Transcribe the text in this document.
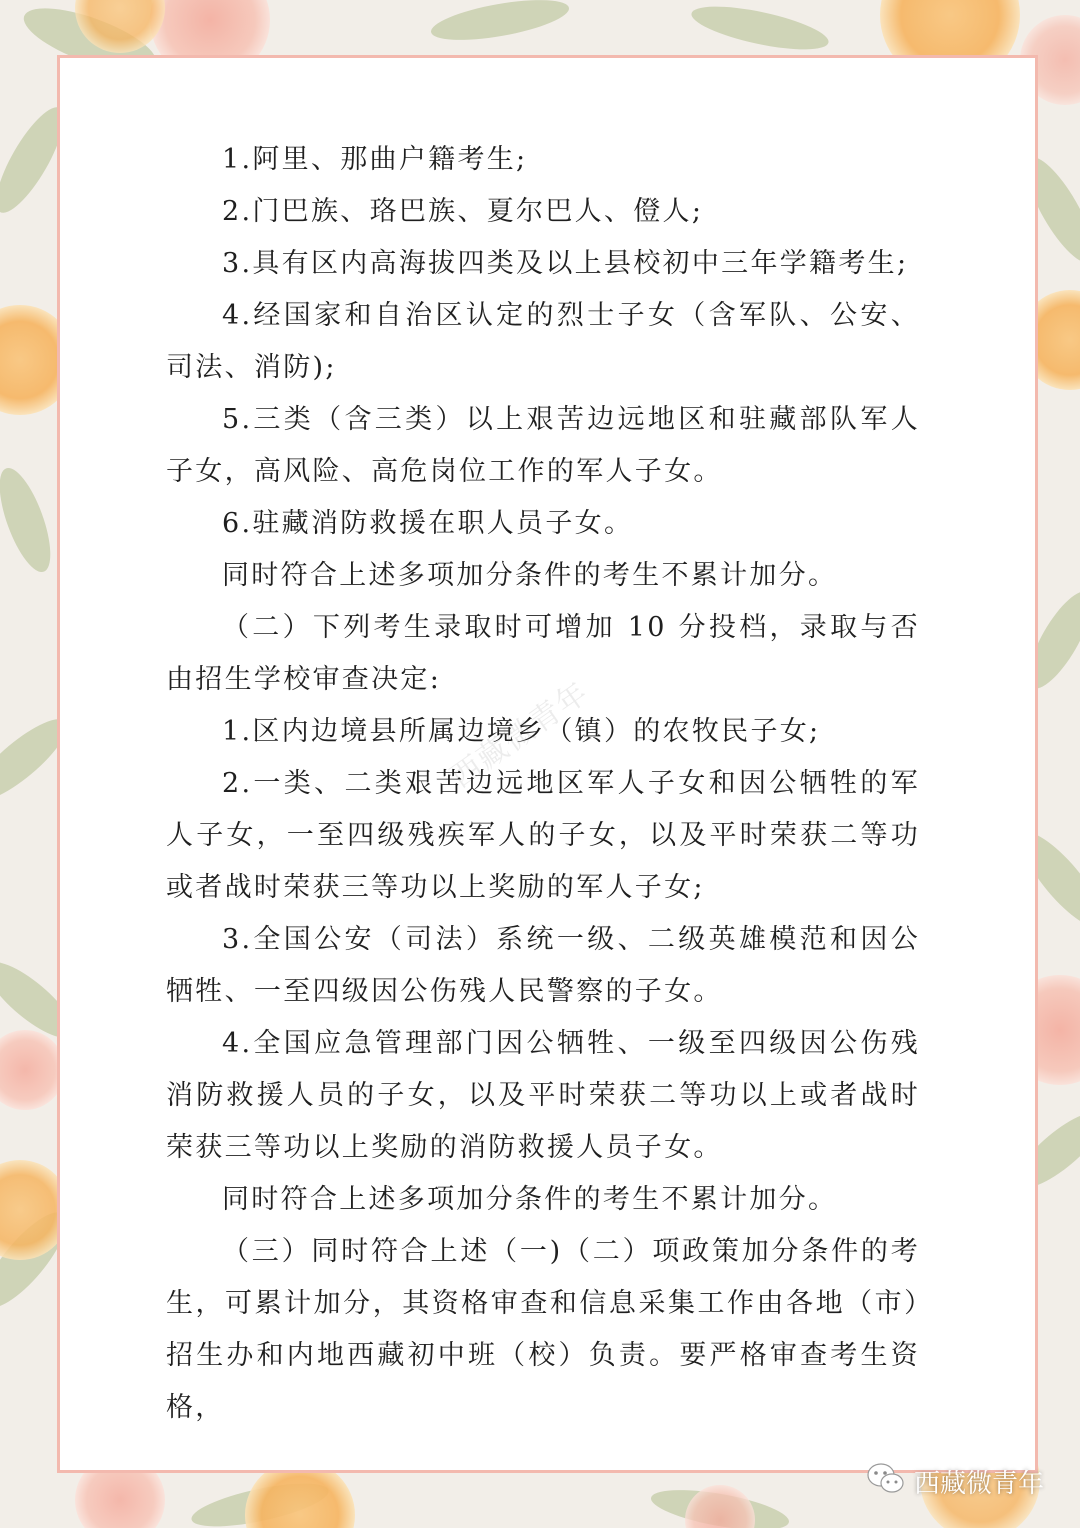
1.阿里、那曲户籍考生;

2.门巴族、珞巴族、夏尔巴人、僜人;

3.具有区内高海拔四类及以上县校初中三年学籍考生;

4.经国家和自治区认定的烈士子女（含军队、公安、司法、消防);

5.三类（含三类）以上艰苦边远地区和驻藏部队军人子女，高风险、高危岗位工作的军人子女。

6.驻藏消防救援在职人员子女。

同时符合上述多项加分条件的考生不累计加分。

（二）下列考生录取时可增加 10 分投档，录取与否由招生学校审查决定:

1.区内边境县所属边境乡（镇）的农牧民子女;

2.一类、二类艰苦边远地区军人子女和因公牺牲的军人子女，一至四级残疾军人的子女，以及平时荣获二等功或者战时荣获三等功以上奖励的军人子女;

3.全国公安（司法）系统一级、二级英雄模范和因公牺牲、一至四级因公伤残人民警察的子女。

4.全国应急管理部门因公牺牲、一级至四级因公伤残消防救援人员的子女，以及平时荣获二等功以上或者战时荣获三等功以上奖励的消防救援人员子女。

同时符合上述多项加分条件的考生不累计加分。

（三）同时符合上述（一)（二）项政策加分条件的考生，可累计加分，其资格审查和信息采集工作由各地（市）招生办和内地西藏初中班（校）负责。要严格审查考生资格，

西藏微青年
西藏微青年
